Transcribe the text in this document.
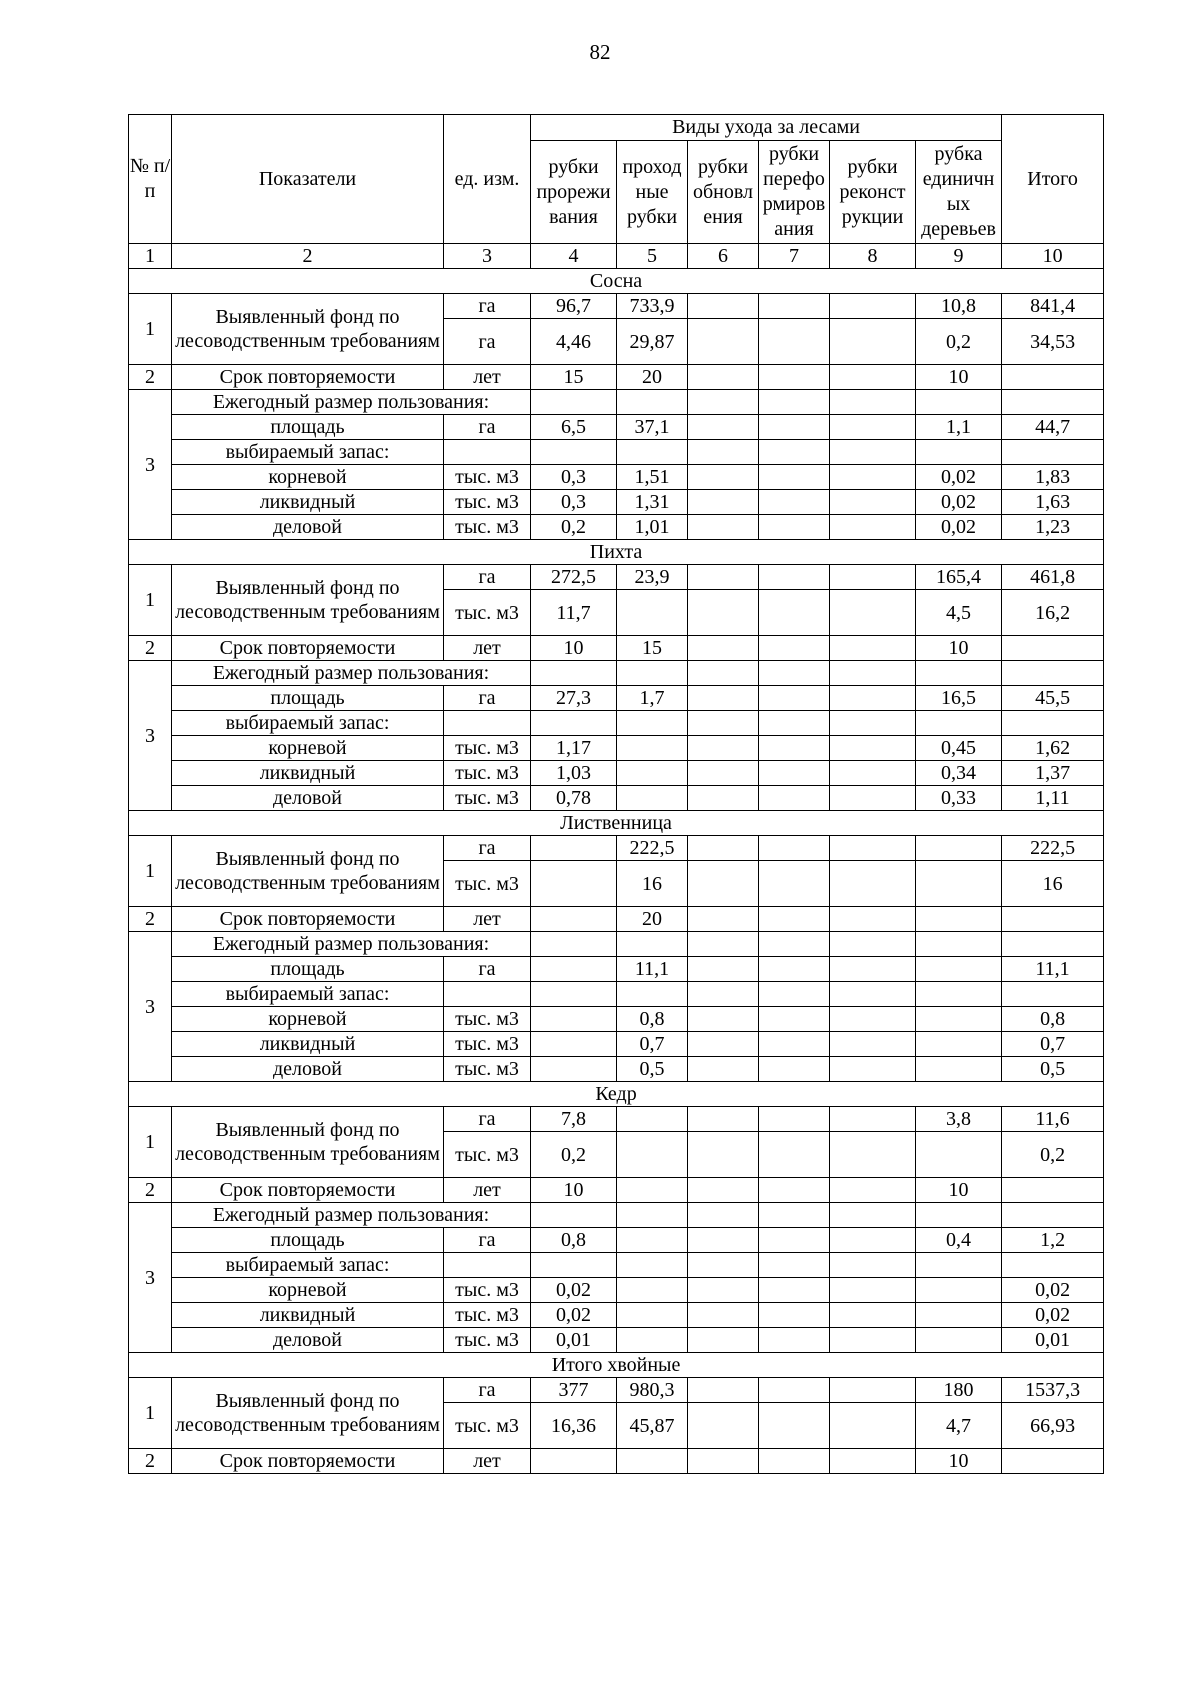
82
№ п/п	Показатели	ед. изм.	Виды ухода за лесами						Итого
			рубки прорежи вания	проход ные рубки	рубки обновл ения	рубки перефо рмиров ания	рубки реконст рукции	рубка единичн ых деревьев	
1	2	3	4	5	6	7	8	9	10
Сосна									
1	Выявленный фонд по лесоводственным требованиям	га	96,7	733,9				10,8	841,4
		га	4,46	29,87				0,2	34,53
2	Срок повторяемости	лет	15	20				10	
3	Ежегодный размер пользования:								
	площадь	га	6,5	37,1				1,1	44,7
	выбираемый запас:								
	корневой	тыс. м3	0,3	1,51				0,02	1,83
	ликвидный	тыс. м3	0,3	1,31				0,02	1,63
	деловой	тыс. м3	0,2	1,01				0,02	1,23
Пихта									
1	Выявленный фонд по лесоводственным требованиям	га	272,5	23,9				165,4	461,8
		тыс. м3	11,7					4,5	16,2
2	Срок повторяемости	лет	10	15				10	
3	Ежегодный размер пользования:								
	площадь	га	27,3	1,7				16,5	45,5
	выбираемый запас:								
	корневой	тыс. м3	1,17					0,45	1,62
	ликвидный	тыс. м3	1,03					0,34	1,37
	деловой	тыс. м3	0,78					0,33	1,11
Лиственница									
1	Выявленный фонд по лесоводственным требованиям	га		222,5					222,5
		тыс. м3		16					16
2	Срок повторяемости	лет		20					
3	Ежегодный размер пользования:								
	площадь	га		11,1					11,1
	выбираемый запас:								
	корневой	тыс. м3		0,8					0,8
	ликвидный	тыс. м3		0,7					0,7
	деловой	тыс. м3		0,5					0,5
Кедр									
1	Выявленный фонд по лесоводственным требованиям	га	7,8					3,8	11,6
		тыс. м3	0,2						0,2
2	Срок повторяемости	лет	10					10	
3	Ежегодный размер пользования:								
	площадь	га	0,8					0,4	1,2
	выбираемый запас:								
	корневой	тыс. м3	0,02						0,02
	ликвидный	тыс. м3	0,02						0,02
	деловой	тыс. м3	0,01						0,01
Итого хвойные									
1	Выявленный фонд по лесоводственным требованиям	га	377	980,3				180	1537,3
		тыс. м3	16,36	45,87				4,7	66,93
2	Срок повторяемости	лет						10	
